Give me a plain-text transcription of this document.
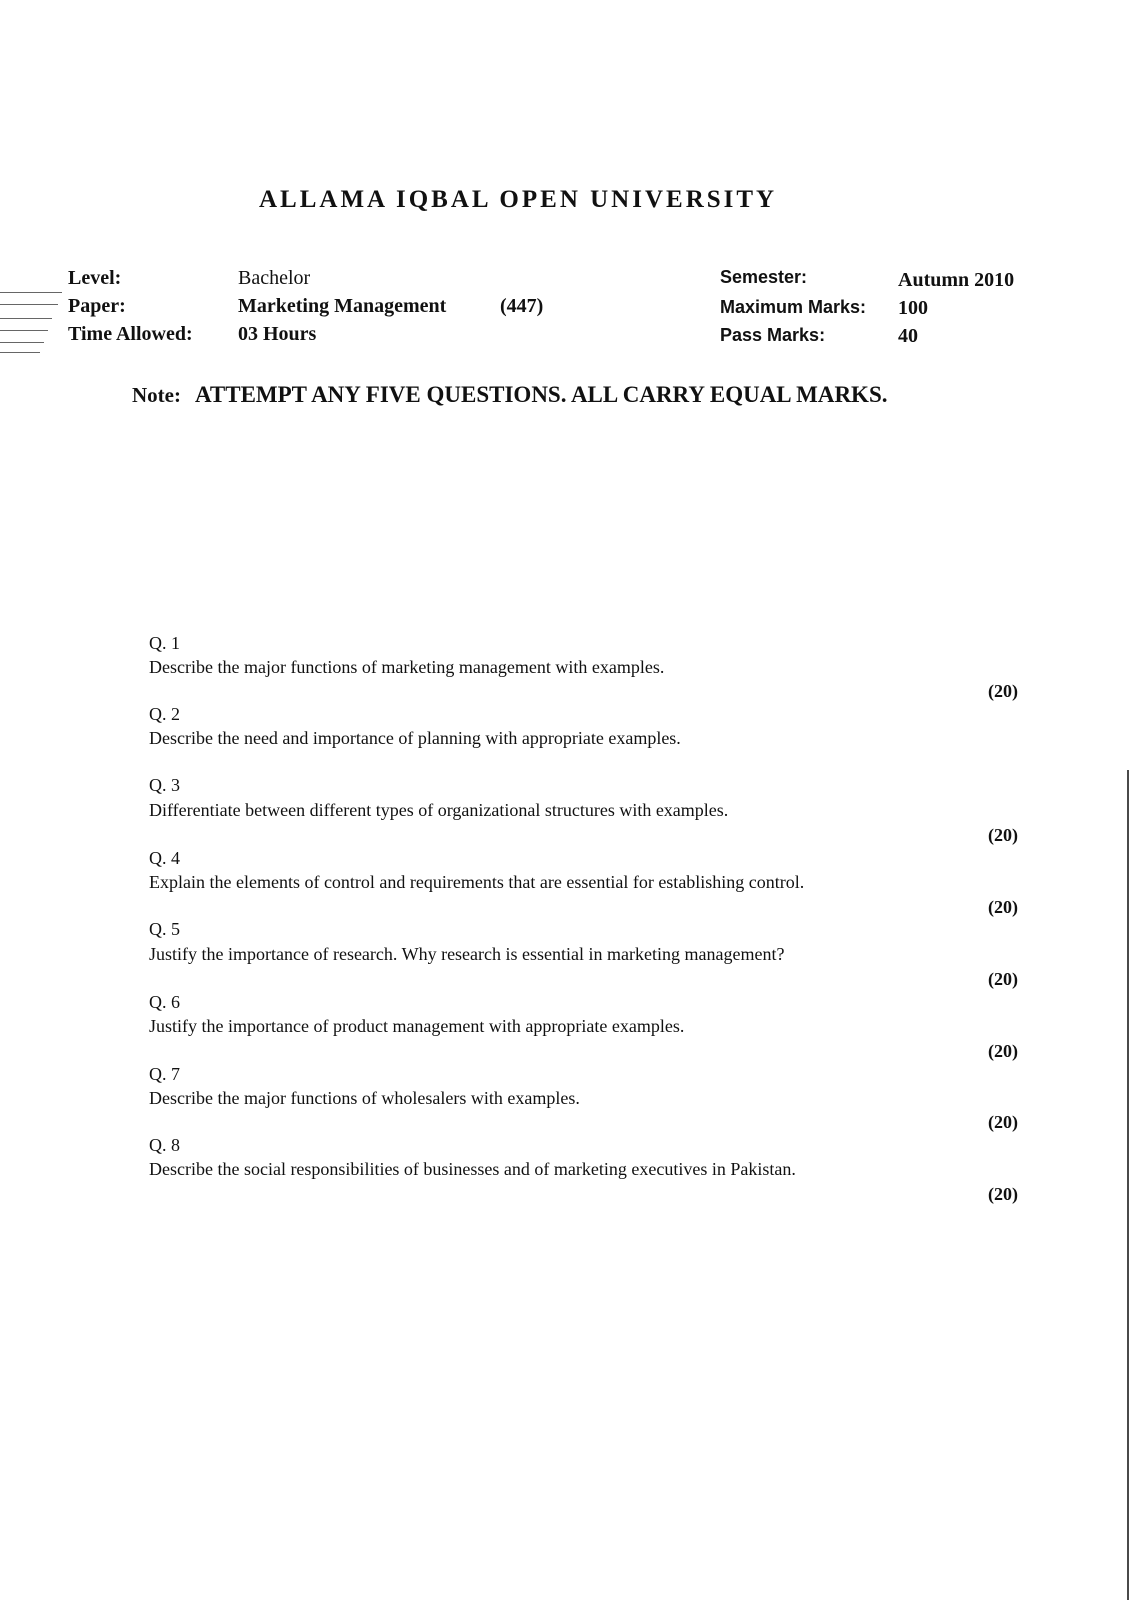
ALLAMA IQBAL OPEN UNIVERSITY
Level:	Bachelor
Paper:	Marketing Management	(447)
Time Allowed: 03 Hours
Semester:	Autumn 2010
Maximum Marks: 100
Pass Marks:	40
Note: ATTEMPT ANY FIVE QUESTIONS. ALL CARRY EQUAL MARKS.
Q. 1
Describe the major functions of marketing management with examples.
(20)
Q. 2
Describe the need and importance of planning with appropriate examples.
Q. 3
Differentiate between different types of organizational structures with examples.
(20)
Q. 4
Explain the elements of control and requirements that are essential for establishing control.
(20)
Q. 5
Justify the importance of research. Why research is essential in marketing management?
(20)
Q. 6
Justify the importance of product management with appropriate examples.
(20)
Q. 7
Describe the major functions of wholesalers with examples.
(20)
Q. 8
Describe the social responsibilities of businesses and of marketing executives in Pakistan.
(20)
